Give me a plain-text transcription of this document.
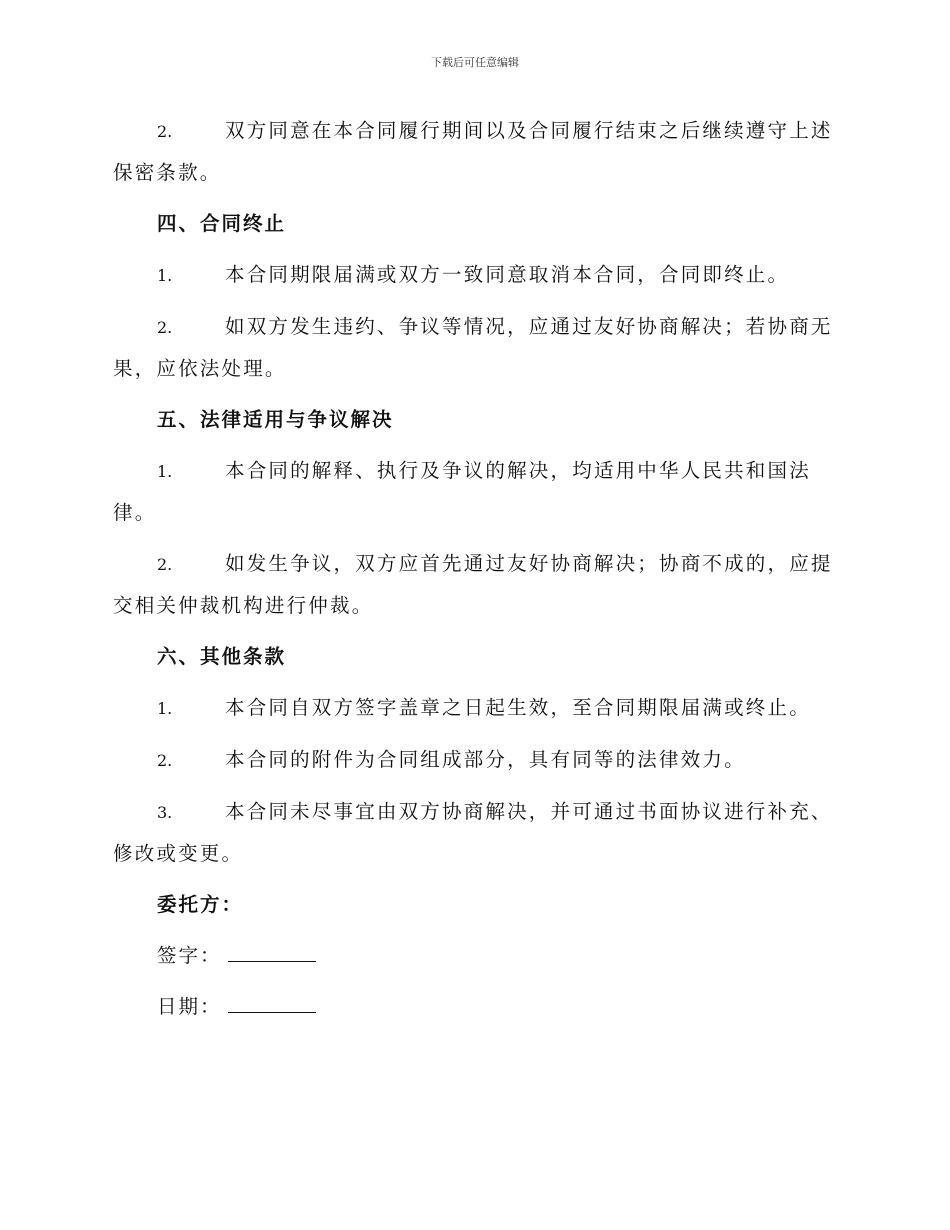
下载后可任意编辑

2.	双方同意在本合同履行期间以及合同履行结束之后继续遵守上述保密条款。

四、合同终止

1.	本合同期限届满或双方一致同意取消本合同，合同即终止。

2.	如双方发生违约、争议等情况，应通过友好协商解决；若协商无果，应依法处理。

五、法律适用与争议解决

1.	本合同的解释、执行及争议的解决，均适用中华人民共和国法律。

2.	如发生争议，双方应首先通过友好协商解决；协商不成的，应提交相关仲裁机构进行仲裁。

六、其他条款

1.	本合同自双方签字盖章之日起生效，至合同期限届满或终止。

2.	本合同的附件为合同组成部分，具有同等的法律效力。

3.	本合同未尽事宜由双方协商解决，并可通过书面协议进行补充、修改或变更。

委托方：
签字：
日期：
